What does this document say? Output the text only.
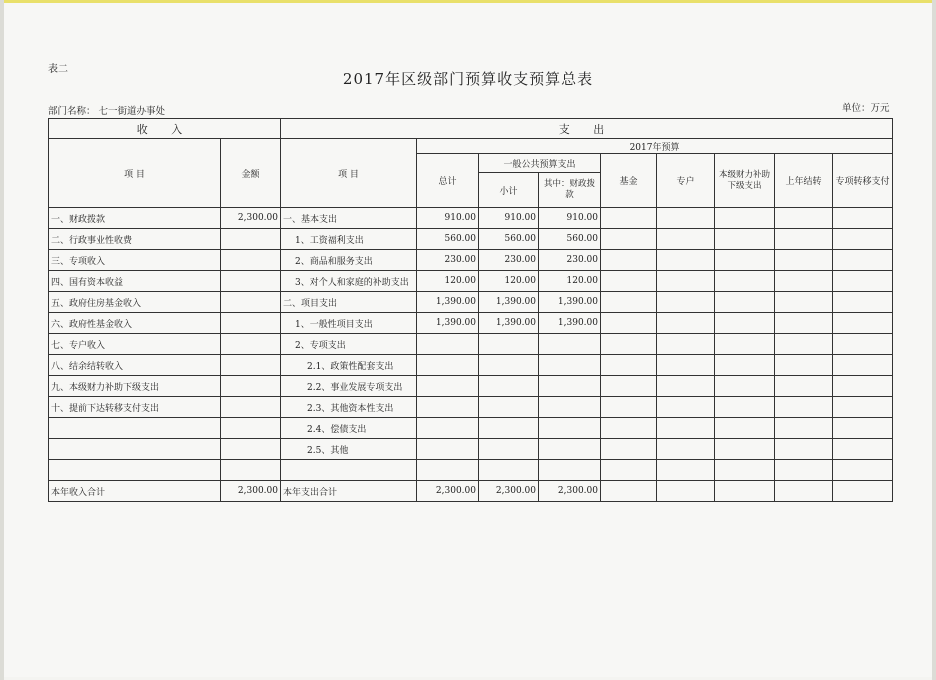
表二
2017年区级部门预算收支预算总表
部门名称： 七一街道办事处	单位：万元
收 入		支 出								
项 目	金额	项 目	2017年预算							
			总计	一般公共预算支出		基金	专户	本级财力补助下级支出	上年结转	专项转移支付
				小计	其中：财政拨款					

一、财政拨款	2,300.00	一、基本支出	910.00	910.00	910.00					
二、行政事业性收费		1、工资福利支出	560.00	560.00	560.00					
三、专项收入		2、商品和服务支出	230.00	230.00	230.00					
四、国有资本收益		3、对个人和家庭的补助支出	120.00	120.00	120.00					
五、政府住房基金收入		二、项目支出	1,390.00	1,390.00	1,390.00					
六、政府性基金收入		1、一般性项目支出	1,390.00	1,390.00	1,390.00					
七、专户收入		2、专项支出								
八、结余结转收入		2.1、政策性配套支出								
九、本级财力补助下级支出		2.2、事业发展专项支出								
十、提前下达转移支付支出		2.3、其他资本性支出								
		2.4、偿债支出								
		2.5、其他								

本年收入合计	2,300.00	本年支出合计	2,300.00	2,300.00	2,300.00					
